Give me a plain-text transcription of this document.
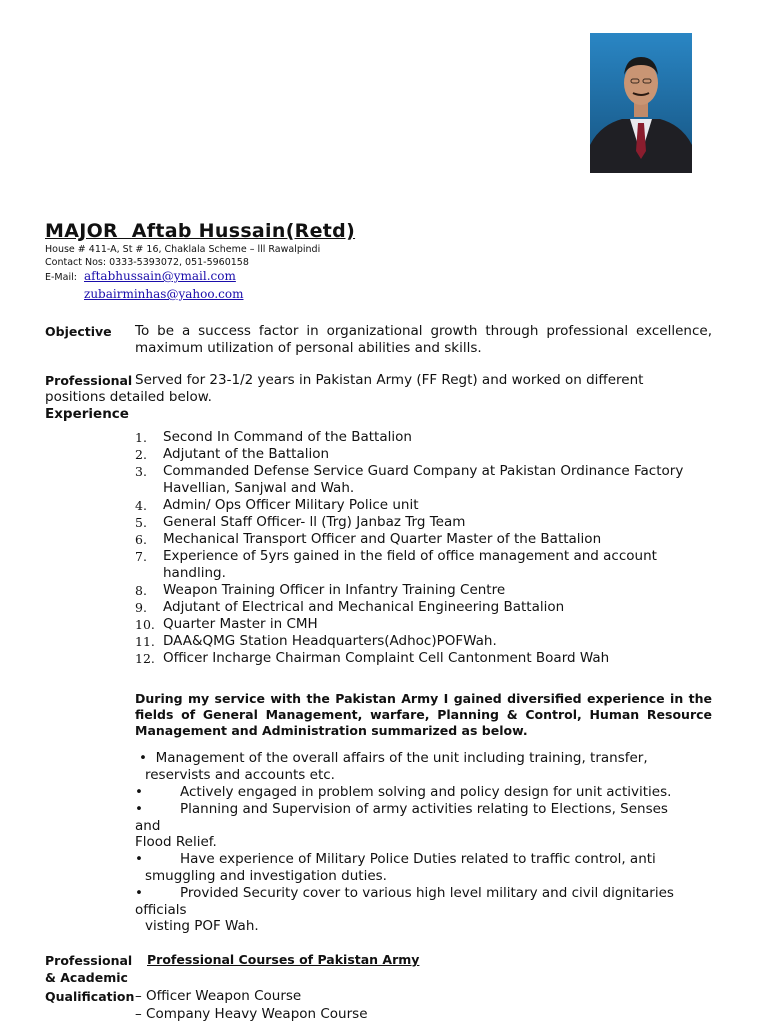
MAJOR  Aftab Hussain(Retd)
House # 411-A, St # 16, Chaklala Scheme – lll Rawalpindi
Contact Nos: 0333-5393072, 051-5960158
E-Mail: aftabhussain@ymail.com
zubairminhas@yahoo.com
Objective To be a success factor in organizational growth through professional excellence, maximum utilization of personal abilities and skills.
Professional Served for 23-1/2 years in Pakistan Army (FF Regt) and worked on different
positions detailed below.
Experience
1. Second In Command of the Battalion
2. Adjutant of the Battalion
3. Commanded Defense Service Guard Company at Pakistan Ordinance Factory Havellian, Sanjwal and Wah.
4. Admin/ Ops Officer Military Police unit
5. General Staff Officer- ll (Trg) Janbaz Trg Team
6. Mechanical Transport Officer and Quarter Master of the Battalion
7. Experience of 5yrs gained in the field of office management and account handling.
8. Weapon Training Officer in Infantry Training Centre
9. Adjutant of Electrical and Mechanical Engineering Battalion
10. Quarter Master in CMH
11. DAA&QMG Station Headquarters(Adhoc)POFWah.
12. Officer Incharge Chairman Complaint Cell Cantonment Board Wah
During my service with the Pakistan Army I gained diversified experience in the fields of General Management, warfare, Planning & Control, Human Resource Management and Administration summarized as below.
• Management of the overall affairs of the unit including training, transfer,
reservists and accounts etc.
•	Actively engaged in problem solving and policy design for unit activities.
•	Planning and Supervision of army activities relating to Elections, Senses
and
Flood Relief.
•	Have experience of Military Police Duties related to traffic control, anti
smuggling and investigation duties.
•	Provided Security cover to various high level military and civil dignitaries
officials
visting POF Wah.
Professional
& Academic
Qualification
Professional Courses of Pakistan Army
– Officer Weapon Course
– Company Heavy Weapon Course
